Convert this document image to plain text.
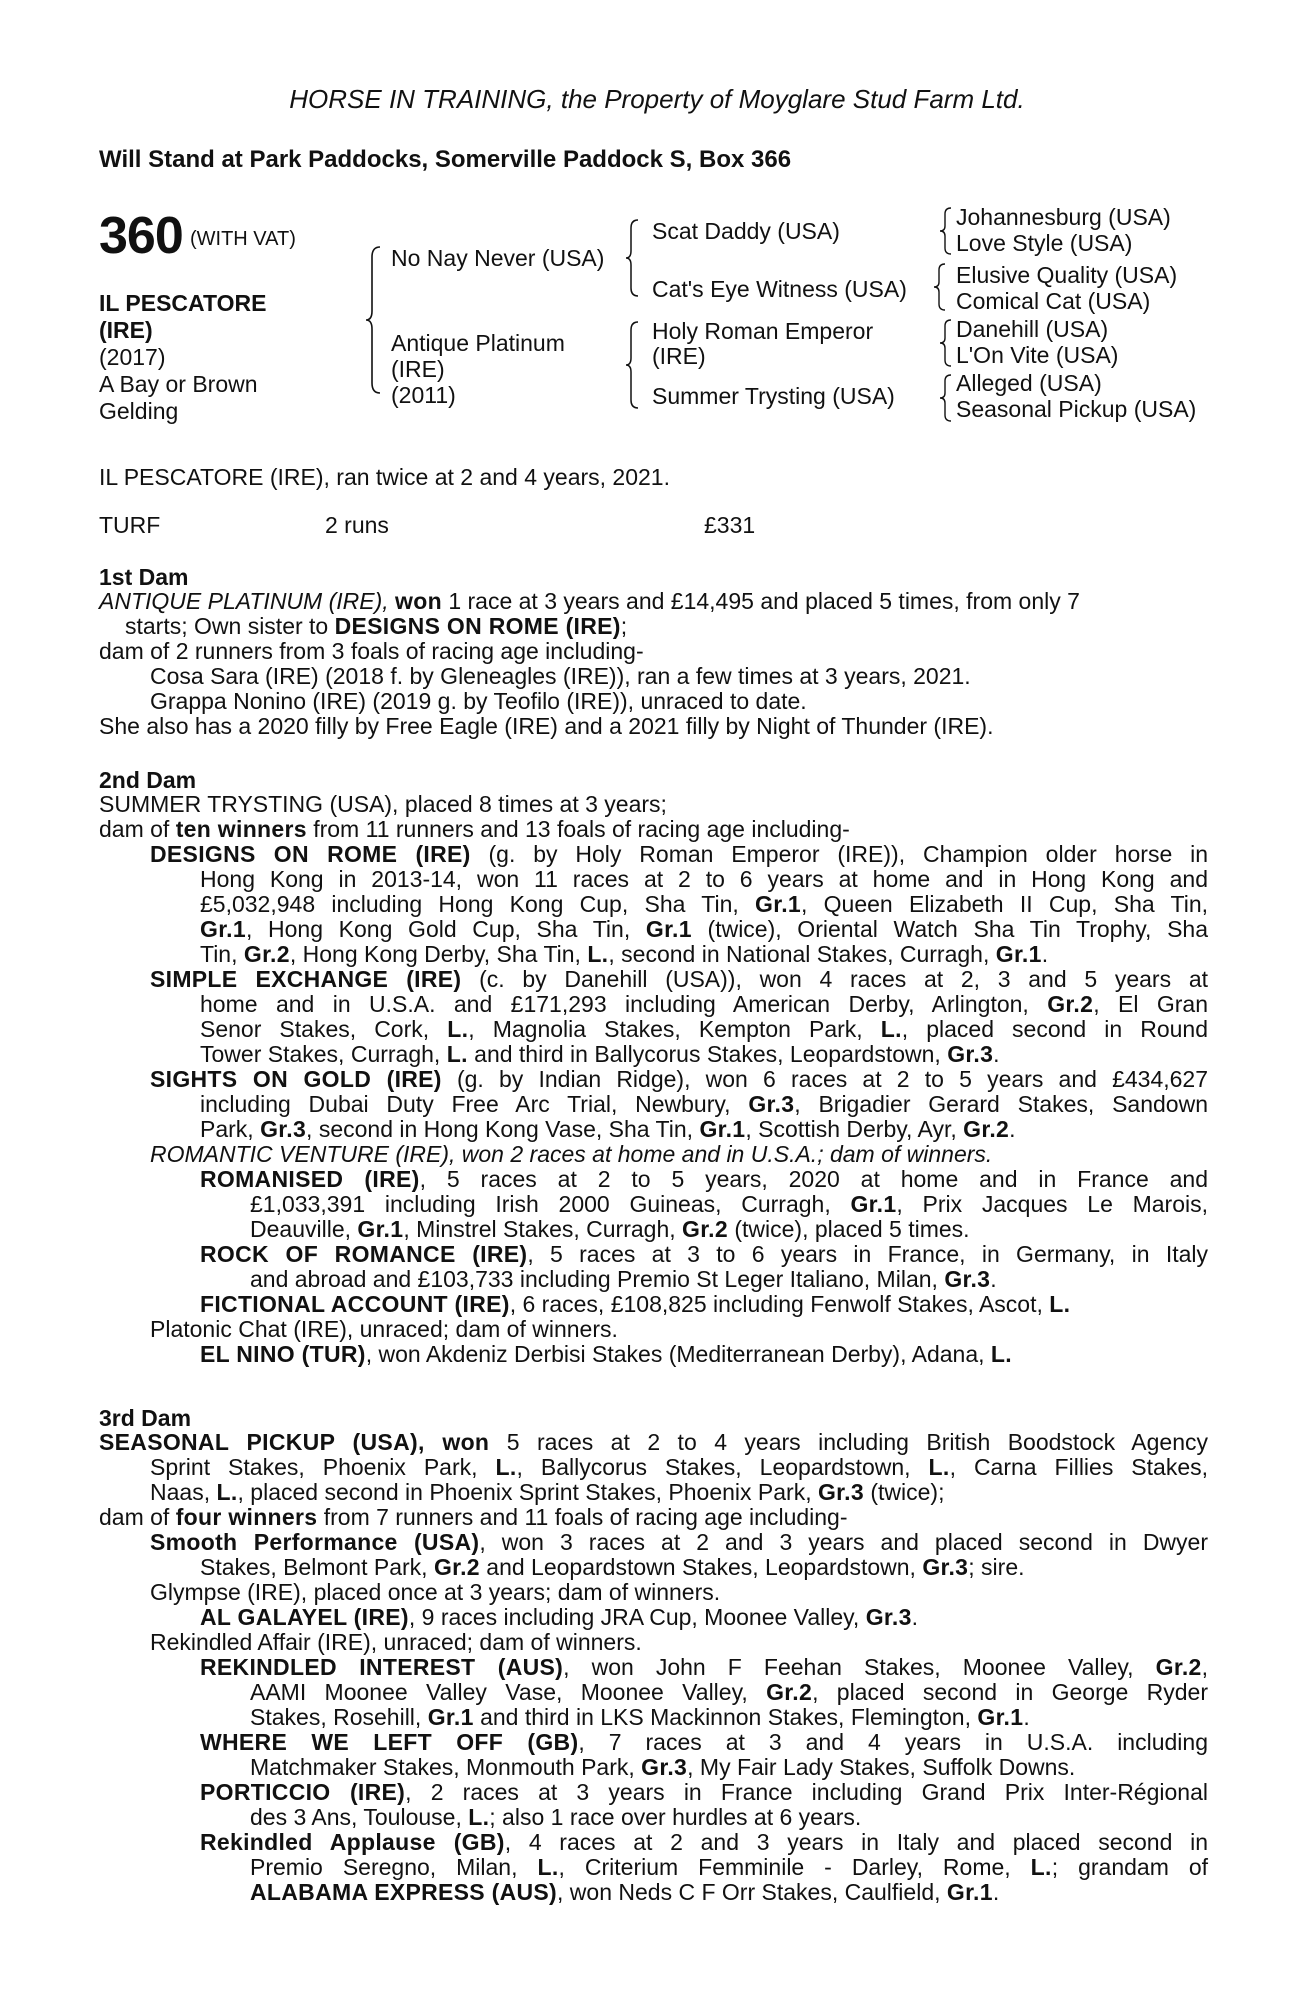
HORSE IN TRAINING, the Property of Moyglare Stud Farm Ltd.
Will Stand at Park Paddocks, Somerville Paddock S, Box 366
360 (WITH VAT)
IL PESCATORE
(IRE)
(2017)
A Bay or Brown
Gelding
No Nay Never (USA)
Antique Platinum
(IRE)
(2011)
Scat Daddy (USA)
Cat's Eye Witness (USA)
Holy Roman Emperor
(IRE)
Summer Trysting (USA)
Johannesburg (USA)
Love Style (USA)
Elusive Quality (USA)
Comical Cat (USA)
Danehill (USA)
L'On Vite (USA)
Alleged (USA)
Seasonal Pickup (USA)
IL PESCATORE (IRE), ran twice at 2 and 4 years, 2021.
TURF	2 runs	£331
1st Dam
ANTIQUE PLATINUM (IRE), won 1 race at 3 years and £14,495 and placed 5 times, from only 7
starts; Own sister to DESIGNS ON ROME (IRE);
dam of 2 runners from 3 foals of racing age including-
Cosa Sara (IRE) (2018 f. by Gleneagles (IRE)), ran a few times at 3 years, 2021.
Grappa Nonino (IRE) (2019 g. by Teofilo (IRE)), unraced to date.
She also has a 2020 filly by Free Eagle (IRE) and a 2021 filly by Night of Thunder (IRE).
2nd Dam
SUMMER TRYSTING (USA), placed 8 times at 3 years;
dam of ten winners from 11 runners and 13 foals of racing age including-
DESIGNS ON ROME (IRE) (g. by Holy Roman Emperor (IRE)), Champion older horse in
Hong Kong in 2013-14, won 11 races at 2 to 6 years at home and in Hong Kong and
£5,032,948 including Hong Kong Cup, Sha Tin, Gr.1, Queen Elizabeth II Cup, Sha Tin,
Gr.1, Hong Kong Gold Cup, Sha Tin, Gr.1 (twice), Oriental Watch Sha Tin Trophy, Sha
Tin, Gr.2, Hong Kong Derby, Sha Tin, L., second in National Stakes, Curragh, Gr.1.
SIMPLE EXCHANGE (IRE) (c. by Danehill (USA)), won 4 races at 2, 3 and 5 years at
home and in U.S.A. and £171,293 including American Derby, Arlington, Gr.2, El Gran
Senor Stakes, Cork, L., Magnolia Stakes, Kempton Park, L., placed second in Round
Tower Stakes, Curragh, L. and third in Ballycorus Stakes, Leopardstown, Gr.3.
SIGHTS ON GOLD (IRE) (g. by Indian Ridge), won 6 races at 2 to 5 years and £434,627
including Dubai Duty Free Arc Trial, Newbury, Gr.3, Brigadier Gerard Stakes, Sandown
Park, Gr.3, second in Hong Kong Vase, Sha Tin, Gr.1, Scottish Derby, Ayr, Gr.2.
ROMANTIC VENTURE (IRE), won 2 races at home and in U.S.A.; dam of winners.
ROMANISED (IRE), 5 races at 2 to 5 years, 2020 at home and in France and
£1,033,391 including Irish 2000 Guineas, Curragh, Gr.1, Prix Jacques Le Marois,
Deauville, Gr.1, Minstrel Stakes, Curragh, Gr.2 (twice), placed 5 times.
ROCK OF ROMANCE (IRE), 5 races at 3 to 6 years in France, in Germany, in Italy
and abroad and £103,733 including Premio St Leger Italiano, Milan, Gr.3.
FICTIONAL ACCOUNT (IRE), 6 races, £108,825 including Fenwolf Stakes, Ascot, L.
Platonic Chat (IRE), unraced; dam of winners.
EL NINO (TUR), won Akdeniz Derbisi Stakes (Mediterranean Derby), Adana, L.
3rd Dam
SEASONAL PICKUP (USA), won 5 races at 2 to 4 years including British Boodstock Agency
Sprint Stakes, Phoenix Park, L., Ballycorus Stakes, Leopardstown, L., Carna Fillies Stakes,
Naas, L., placed second in Phoenix Sprint Stakes, Phoenix Park, Gr.3 (twice);
dam of four winners from 7 runners and 11 foals of racing age including-
Smooth Performance (USA), won 3 races at 2 and 3 years and placed second in Dwyer
Stakes, Belmont Park, Gr.2 and Leopardstown Stakes, Leopardstown, Gr.3; sire.
Glympse (IRE), placed once at 3 years; dam of winners.
AL GALAYEL (IRE), 9 races including JRA Cup, Moonee Valley, Gr.3.
Rekindled Affair (IRE), unraced; dam of winners.
REKINDLED INTEREST (AUS), won John F Feehan Stakes, Moonee Valley, Gr.2,
AAMI Moonee Valley Vase, Moonee Valley, Gr.2, placed second in George Ryder
Stakes, Rosehill, Gr.1 and third in LKS Mackinnon Stakes, Flemington, Gr.1.
WHERE WE LEFT OFF (GB), 7 races at 3 and 4 years in U.S.A. including
Matchmaker Stakes, Monmouth Park, Gr.3, My Fair Lady Stakes, Suffolk Downs.
PORTICCIO (IRE), 2 races at 3 years in France including Grand Prix Inter-Régional
des 3 Ans, Toulouse, L.; also 1 race over hurdles at 6 years.
Rekindled Applause (GB), 4 races at 2 and 3 years in Italy and placed second in
Premio Seregno, Milan, L., Criterium Femminile - Darley, Rome, L.; grandam of
ALABAMA EXPRESS (AUS), won Neds C F Orr Stakes, Caulfield, Gr.1.
